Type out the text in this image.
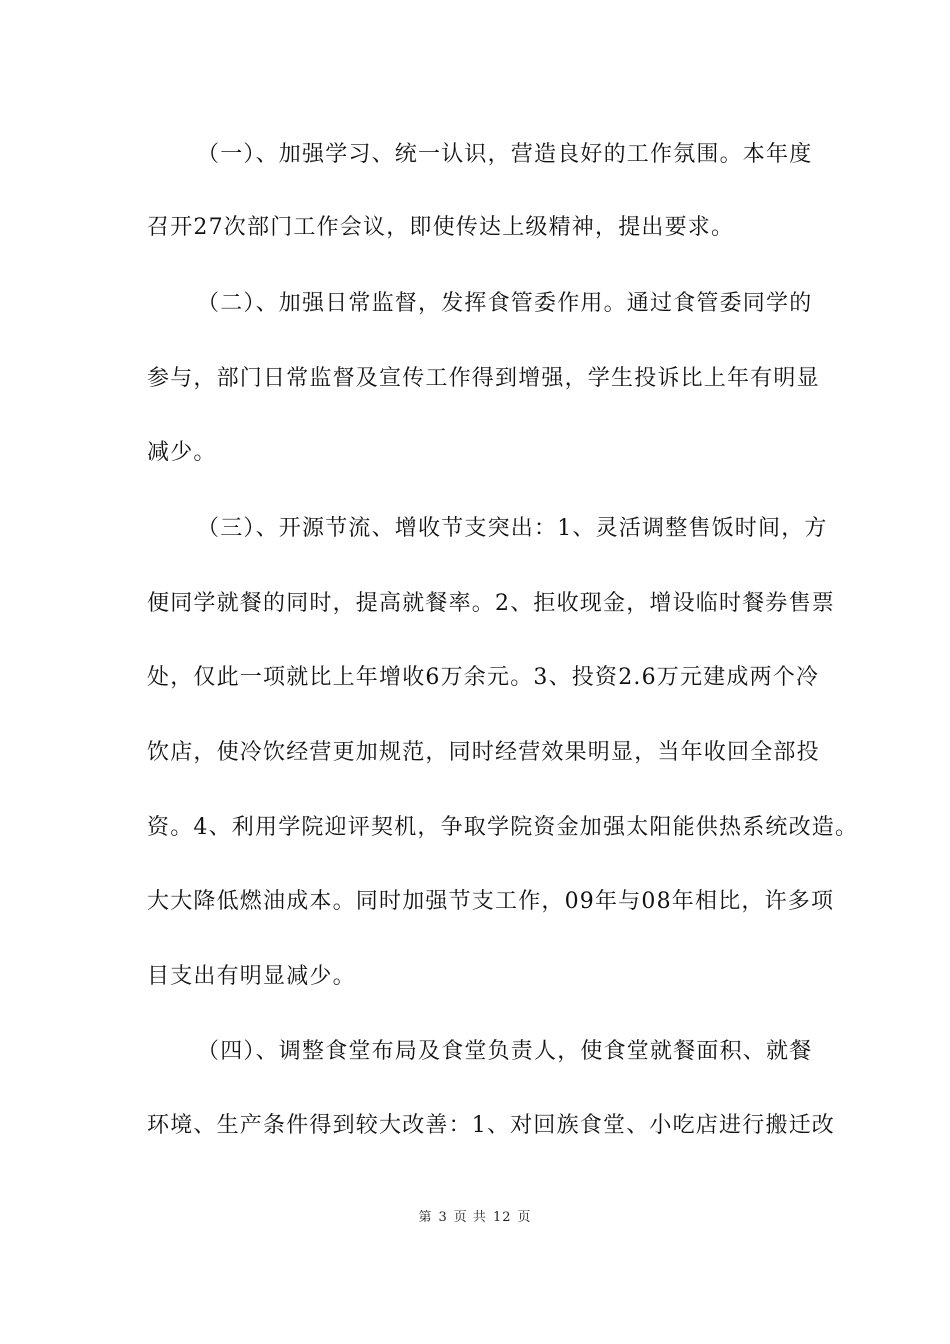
（一）、加强学习、统一认识，营造良好的工作氛围。本年度
召开27次部门工作会议，即使传达上级精神，提出要求。
（二）、加强日常监督，发挥食管委作用。通过食管委同学的
参与，部门日常监督及宣传工作得到增强，学生投诉比上年有明显
减少。
（三）、开源节流、增收节支突出：1、灵活调整售饭时间，方
便同学就餐的同时，提高就餐率。2、拒收现金，增设临时餐券售票
处，仅此一项就比上年增收6万余元。3、投资2.6万元建成两个冷
饮店，使冷饮经营更加规范，同时经营效果明显，当年收回全部投
资。4、利用学院迎评契机，争取学院资金加强太阳能供热系统改造。
大大降低燃油成本。同时加强节支工作，09年与08年相比，许多项
目支出有明显减少。
（四）、调整食堂布局及食堂负责人，使食堂就餐面积、就餐
环境、生产条件得到较大改善：1、对回族食堂、小吃店进行搬迁改
第 3 页 共 12 页
